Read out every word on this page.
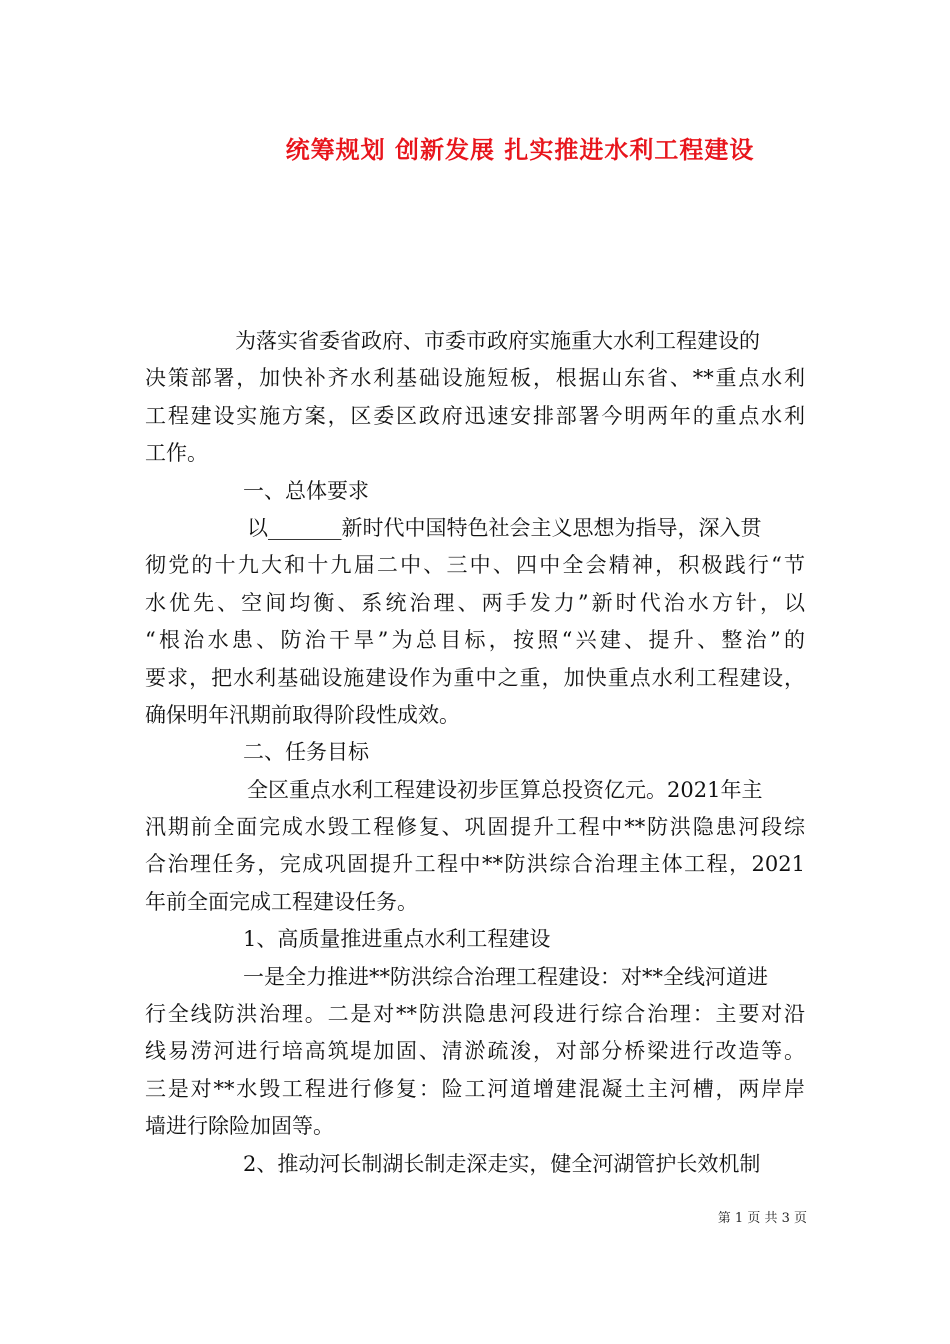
统筹规划 创新发展 扎实推进水利工程建设
为落实省委省政府、市委市政府实施重大水利工程建设的
决策部署，加快补齐水利基础设施短板，根据山东省、**重点水利
工程建设实施方案，区委区政府迅速安排部署今明两年的重点水利
工作。
一、总体要求
以_______新时代中国特色社会主义思想为指导，深入贯
彻党的十九大和十九届二中、三中、四中全会精神，积极践行“节
水优先、空间均衡、系统治理、两手发力”新时代治水方针，以
“根治水患、防治干旱”为总目标，按照“兴建、提升、整治”的
要求，把水利基础设施建设作为重中之重，加快重点水利工程建设，
确保明年汛期前取得阶段性成效。
二、任务目标
全区重点水利工程建设初步匡算总投资亿元。2021年主
汛期前全面完成水毁工程修复、巩固提升工程中**防洪隐患河段综
合治理任务，完成巩固提升工程中**防洪综合治理主体工程，2021
年前全面完成工程建设任务。
1、高质量推进重点水利工程建设
一是全力推进**防洪综合治理工程建设：对**全线河道进
行全线防洪治理。二是对**防洪隐患河段进行综合治理：主要对沿
线易涝河进行培高筑堤加固、清淤疏浚，对部分桥梁进行改造等。
三是对**水毁工程进行修复：险工河道增建混凝土主河槽，两岸岸
墙进行除险加固等。
2、推动河长制湖长制走深走实，健全河湖管护长效机制
第 1 页 共 3 页
